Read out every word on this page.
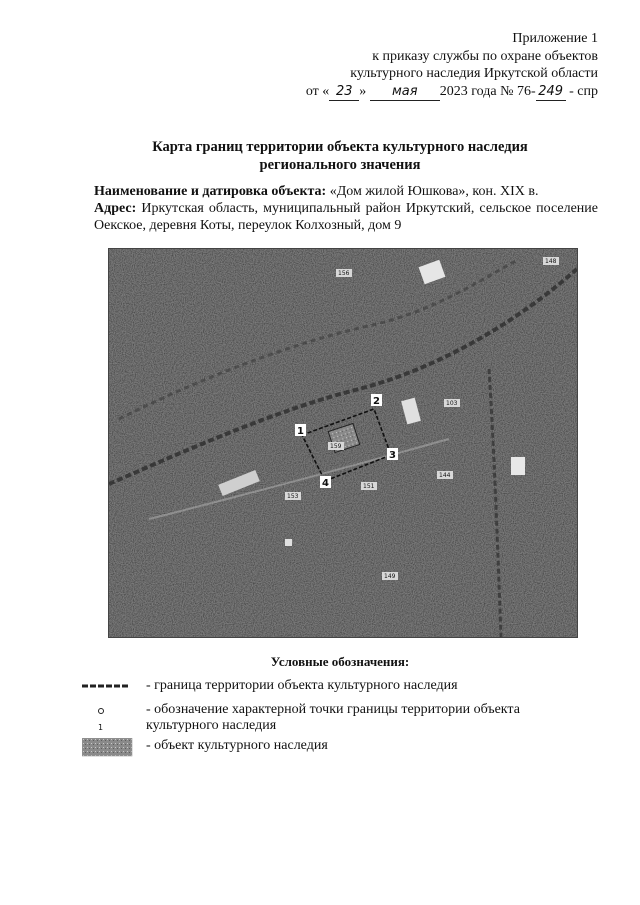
Приложение 1
к приказу службы по охране объектов
культурного наследия Иркутской области
от « 23 » мая 2023 года № 76- 249 - спр
Карта границ территории объекта культурного наследия
регионального значения
Наименование и датировка объекта: «Дом жилой Юшкова», кон. XIX в.
Адрес: Иркутская область, муниципальный район Иркутский, сельское поселение Оекское, деревня Коты, переулок Колхозный, дом 9
1
2
3
4
156
148
159
151
153
144
149
103
Условные обозначения:
- граница территории объекта культурного наследия
1
- обозначение характерной точки границы территории объекта культурного наследия
- объект культурного наследия
